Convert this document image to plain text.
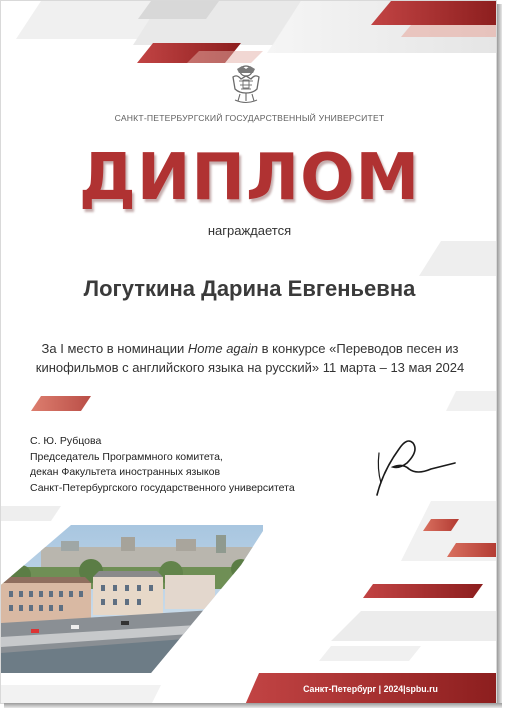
САНКТ-ПЕТЕРБУРГСКИЙ ГОСУДАРСТВЕННЫЙ УНИВЕРСИТЕТ
ДИПЛОМ
награждается
Логуткина Дарина Евгеньевна
За I место в номинации Home again в конкурсе «Переводов песен из кинофильмов с английского языка на русский» 11 марта – 13 мая 2024
С. Ю. Рубцова
Председатель Программного комитета,
декан Факультета иностранных языков
Санкт-Петербургского государственного университета
Санкт-Петербург | 2024|spbu.ru
